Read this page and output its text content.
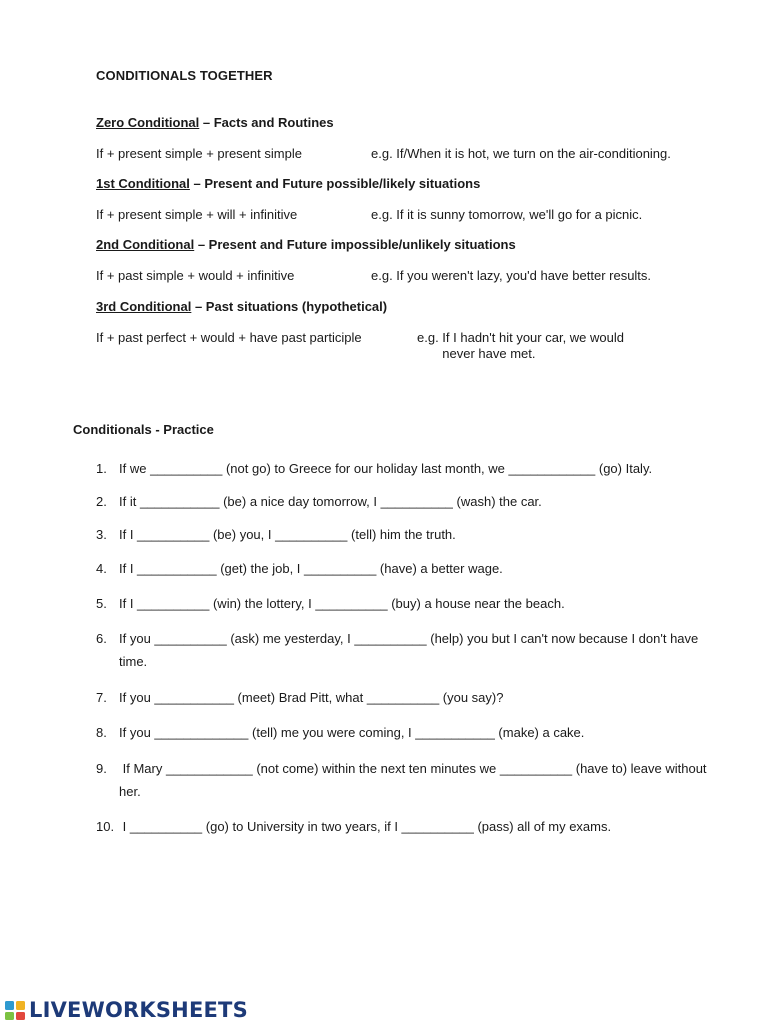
CONDITIONALS TOGETHER
Zero Conditional – Facts and Routines
If + present simple + present simple	e.g. If/When it is hot, we turn on the air-conditioning.
1st Conditional – Present and Future possible/likely situations
If + present simple + will + infinitive	e.g. If it is sunny tomorrow, we'll go for a picnic.
2nd Conditional – Present and Future impossible/unlikely situations
If + past simple + would + infinitive	e.g. If you weren't lazy, you'd have better results.
3rd Conditional – Past situations (hypothetical)
If + past perfect + would + have past participle	e.g. If I hadn't hit your car, we would
never have met.
Conditionals - Practice
1. If we __________ (not go) to Greece for our holiday last month, we ____________ (go) Italy.
2. If it ___________ (be) a nice day tomorrow, I __________ (wash) the car.
3. If I __________ (be) you, I __________ (tell) him the truth.
4. If I ___________ (get) the job, I __________ (have) a better wage.
5. If I __________ (win) the lottery, I __________ (buy) a house near the beach.
6. If you __________ (ask) me yesterday, I __________ (help) you but I can't now because I don't have time.
7. If you ___________ (meet) Brad Pitt, what __________ (you say)?
8. If you _____________ (tell) me you were coming, I ___________ (make) a cake.
9. If Mary ____________ (not come) within the next ten minutes we __________ (have to) leave without her.
10. I __________ (go) to University in two years, if I __________ (pass) all of my exams.
LIVEWORKSHEETS
